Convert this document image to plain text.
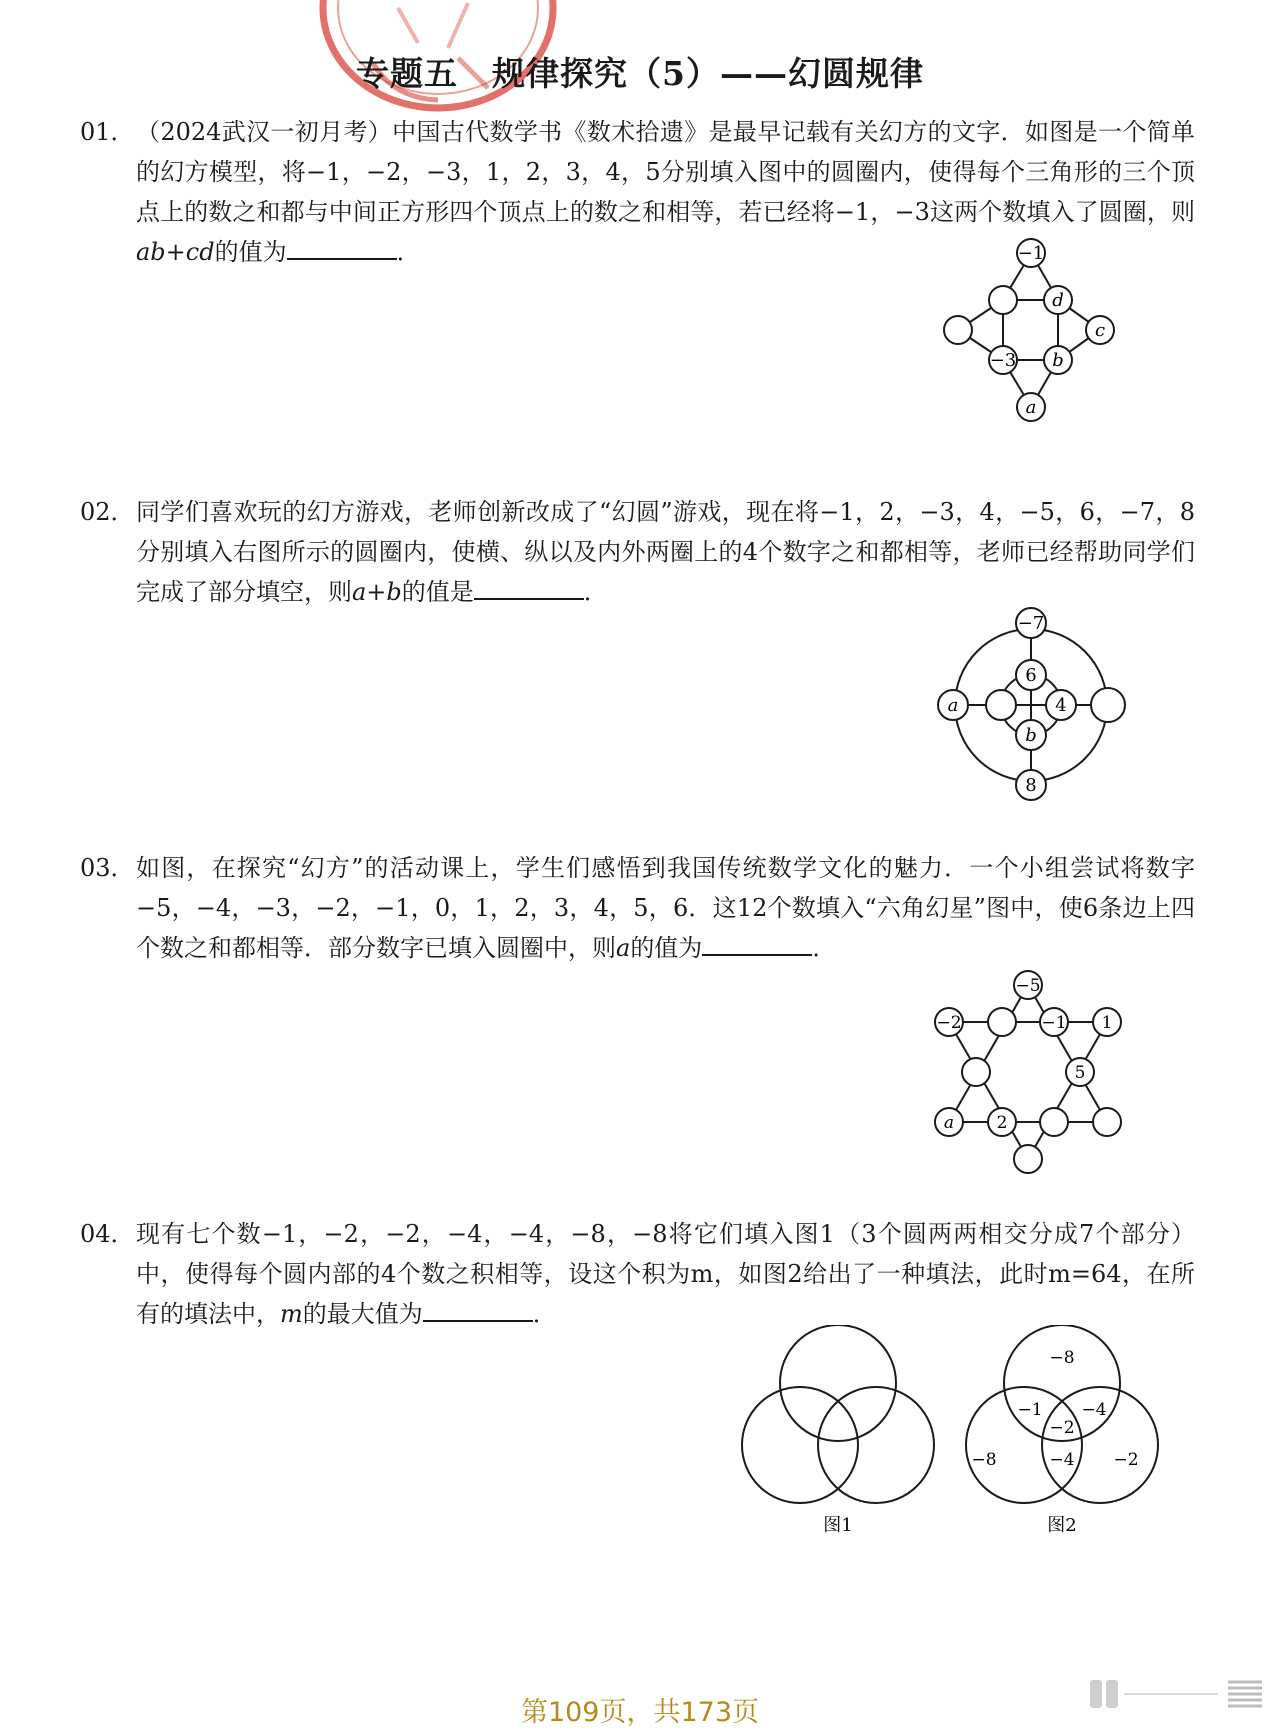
专题五　规律探究（5）——幻圆规律
01． （2024武汉一初月考）中国古代数学书《数术拾遗》是最早记载有关幻方的文字．如图是一个简单的幻方模型，将−1，−2，−3，1，2，3，4，5分别填入图中的圆圈内，使得每个三角形的三个顶点上的数之和都与中间正方形四个顶点上的数之和相等，若已经将−1，−3这两个数填入了圆圈，则ab+cd的值为	．	−1
d
c
−3 b
a
02． 同学们喜欢玩的幻方游戏，老师创新改成了“幻圆”游戏，现在将−1，2，−3，4，−5，6，−7，8分别填入右图所示的圆圈内，使横、纵以及内外两圈上的4个数字之和都相等，老师已经帮助同学们完成了部分填空，则a+b的值是	．
−7
6
a	4
b
8
03． 如图，在探究“幻方”的活动课上，学生们感悟到我国传统数学文化的魅力．一个小组尝试将数字−5，−4，−3，−2，−1，0，1，2，3，4，5，6．这12个数填入“六角幻星”图中，使6条边上四个数之和都相等．部分数字已填入圆圈中，则a的值为	．
−5
−2	−1 1
5
a	2
04． 现有七个数−1，−2，−2，−4，−4，−8，−8将它们填入图1（3个圆两两相交分成7个部分）中，使得每个圆内部的4个数之积相等，设这个积为m，如图2给出了一种填法，此时m=64，在所有的填法中，m的最大值为	．
图1
−8
−1 −4
−2
−8	−4 −2
图2
第109页，共173页
